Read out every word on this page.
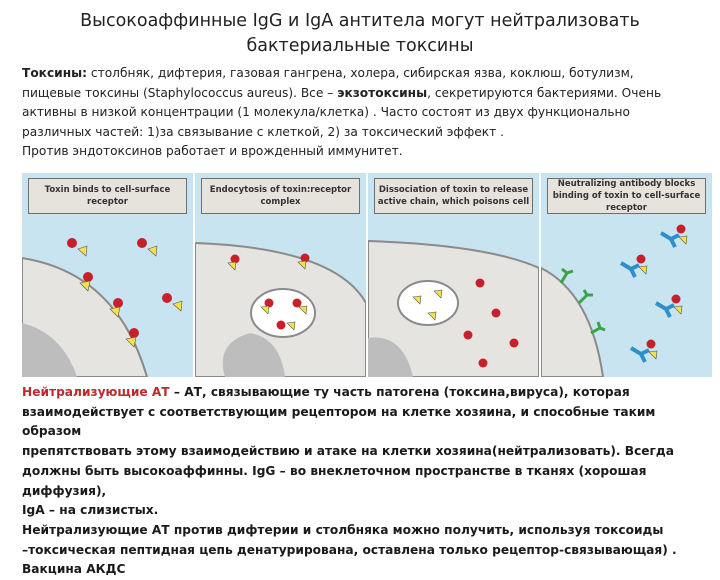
Высокоаффинные IgG и IgA антитела могут нейтрализовать бактериальные токсины
Токсины: столбняк, дифтерия, газовая гангрена, холера, сибирская язва, коклюш, ботулизм,
пищевые токсины (Staphylococcus aureus). Все – экзотоксины, секретируются бактериями. Очень
активны в низкой концентрации (1 молекула/клетка) . Часто состоят из двух функционально
различных частей: 1)за связывание с клеткой, 2) за токсический эффект .
Против эндотоксинов работает и врожденный иммунитет.
Toxin binds to cell-surface receptor
Endocytosis of toxin:receptor complex
Dissociation of toxin to release active chain, which poisons cell
Neutralizing antibody blocks binding of toxin to cell-surface receptor
Нейтрализующие АТ – АТ, связывающие ту часть патогена (токсина,вируса), которая
взаимодействует с соответствующим рецептором на клетке хозяина, и способные таким образом
препятствовать этому взаимодействию и атаке на клетки хозяина(нейтрализовать). Всегда
должны быть высокоаффинны. IgG – во внеклеточном пространстве в тканях (хорошая диффузия),
IgA – на слизистых.
Нейтрализующие АТ против дифтерии и столбняка можно получить, используя токсоиды
–токсическая пептидная цепь денатурирована, оставлена только рецептор-связывающая) .
Вакцина АКДС
